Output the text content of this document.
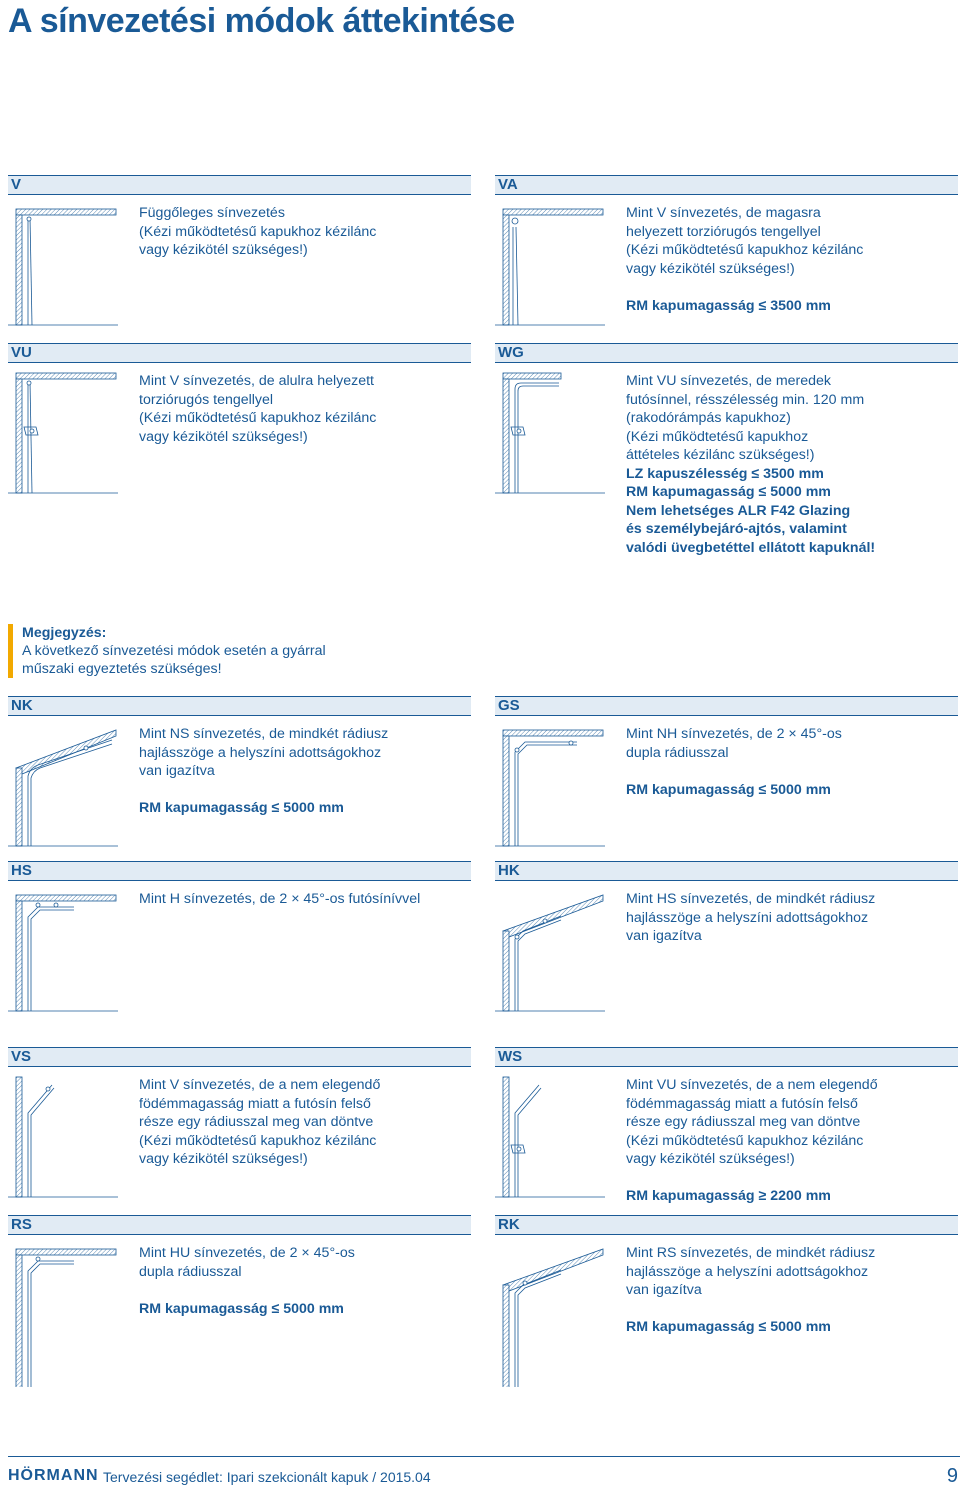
A sínvezetési módok áttekintése
V
Függőleges sínvezetés
(Kézi működtetésű kapukhoz kézilánc
vagy kézikötél szükséges!)
VA
Mint V sínvezetés, de magasra
helyezett torziórugós tengellyel
(Kézi működtetésű kapukhoz kézilánc
vagy kézikötél szükséges!)
RM kapumagasság ≤ 3500 mm
VU
Mint V sínvezetés, de alulra helyezett
torziórugós tengellyel
(Kézi működtetésű kapukhoz kézilánc
vagy kézikötél szükséges!)
WG
Mint VU sínvezetés, de meredek
futósínnel, résszélesség min. 120 mm
(rakodórámpás kapukhoz)
(Kézi működtetésű kapukhoz
áttételes kézilánc szükséges!)
LZ kapuszélesség ≤ 3500 mm
RM kapumagasság ≤ 5000 mm
Nem lehetséges ALR F42 Glazing
és személybejáró-ajtós, valamint
valódi üvegbetéttel ellátott kapuknál!
Megjegyzés:
A következő sínvezetési módok esetén a gyárral
műszaki egyeztetés szükséges!
NK
Mint NS sínvezetés, de mindkét rádiusz
hajlásszöge a helyszíni adottságokhoz
van igazítva
RM kapumagasság ≤ 5000 mm
GS
Mint NH sínvezetés, de 2 × 45°-os
dupla rádiusszal
RM kapumagasság ≤ 5000 mm
HS
Mint H sínvezetés, de 2 × 45°-os futósínívvel
HK
Mint HS sínvezetés, de mindkét rádiusz
hajlásszöge a helyszíni adottságokhoz
van igazítva
VS
Mint V sínvezetés, de a nem elegendő
födémmagasság miatt a futósín felső
része egy rádiusszal meg van döntve
(Kézi működtetésű kapukhoz kézilánc
vagy kézikötél szükséges!)
WS
Mint VU sínvezetés, de a nem elegendő
födémmagasság miatt a futósín felső
része egy rádiusszal meg van döntve
(Kézi működtetésű kapukhoz kézilánc
vagy kézikötél szükséges!)
RM kapumagasság ≥ 2200 mm
RS
Mint HU sínvezetés, de 2 × 45°-os
dupla rádiusszal
RM kapumagasság ≤ 5000 mm
RK
Mint RS sínvezetés, de mindkét rádiusz
hajlásszöge a helyszíni adottságokhoz
van igazítva
RM kapumagasság ≤ 5000 mm
HÖRMANN Tervezési segédlet: Ipari szekcionált kapuk / 2015.04	9
